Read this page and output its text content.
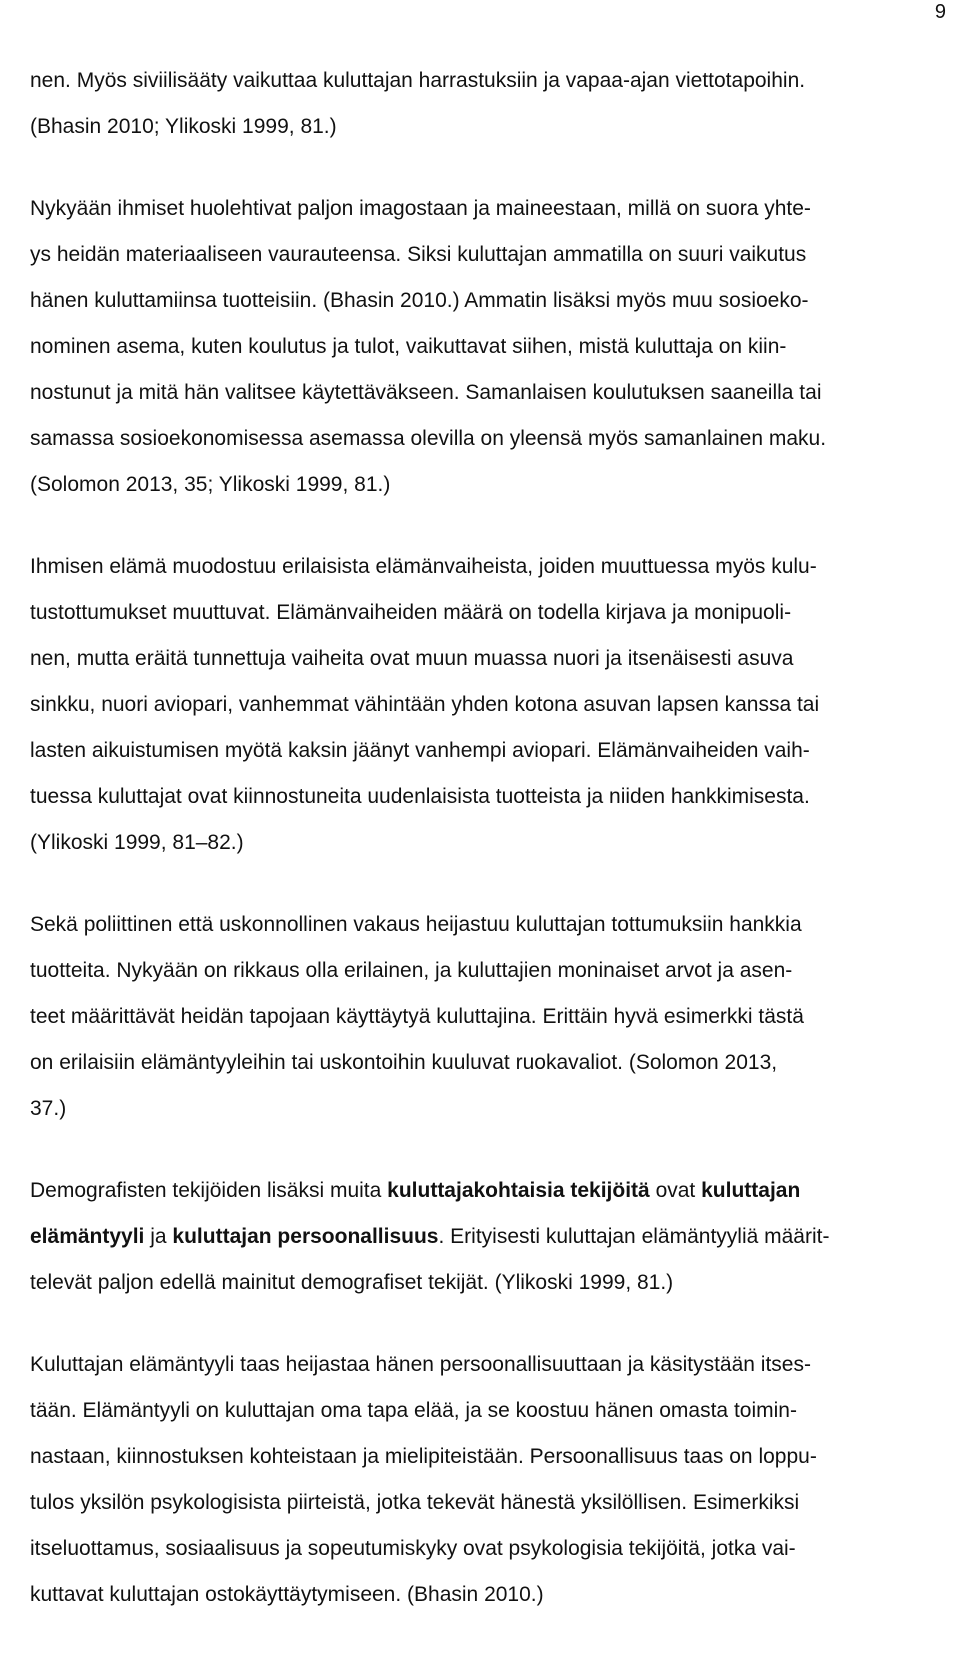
9

nen. Myös siviilisääty vaikuttaa kuluttajan harrastuksiin ja vapaa-ajan viettotapoihin.
(Bhasin 2010; Ylikoski 1999, 81.)

Nykyään ihmiset huolehtivat paljon imagostaan ja maineestaan, millä on suora yhte-
ys heidän materiaaliseen vaurauteensa. Siksi kuluttajan ammatilla on suuri vaikutus
hänen kuluttamiinsa tuotteisiin. (Bhasin 2010.) Ammatin lisäksi myös muu sosioeko-
nominen asema, kuten koulutus ja tulot, vaikuttavat siihen, mistä kuluttaja on kiin-
nostunut ja mitä hän valitsee käytettäväkseen. Samanlaisen koulutuksen saaneilla tai
samassa sosioekonomisessa asemassa olevilla on yleensä myös samanlainen maku.
(Solomon 2013, 35; Ylikoski 1999, 81.)

Ihmisen elämä muodostuu erilaisista elämänvaiheista, joiden muuttuessa myös kulu-
tustottumukset muuttuvat. Elämänvaiheiden määrä on todella kirjava ja monipuoli-
nen, mutta eräitä tunnettuja vaiheita ovat muun muassa nuori ja itsenäisesti asuva
sinkku, nuori aviopari, vanhemmat vähintään yhden kotona asuvan lapsen kanssa tai
lasten aikuistumisen myötä kaksin jäänyt vanhempi aviopari. Elämänvaiheiden vaih-
tuessa kuluttajat ovat kiinnostuneita uudenlaisista tuotteista ja niiden hankkimisesta.
(Ylikoski 1999, 81–82.)

Sekä poliittinen että uskonnollinen vakaus heijastuu kuluttajan tottumuksiin hankkia
tuotteita. Nykyään on rikkaus olla erilainen, ja kuluttajien moninaiset arvot ja asen-
teet määrittävät heidän tapojaan käyttäytyä kuluttajina. Erittäin hyvä esimerkki tästä
on erilaisiin elämäntyyleihin tai uskontoihin kuuluvat ruokavaliot. (Solomon 2013,
37.)

Demografisten tekijöiden lisäksi muita kuluttajakohtaisia tekijöitä ovat kuluttajan
elämäntyyli ja kuluttajan persoonallisuus. Erityisesti kuluttajan elämäntyyliä määrit-
televät paljon edellä mainitut demografiset tekijät. (Ylikoski 1999, 81.)

Kuluttajan elämäntyyli taas heijastaa hänen persoonallisuuttaan ja käsitystään itses-
tään. Elämäntyyli on kuluttajan oma tapa elää, ja se koostuu hänen omasta toimin-
nastaan, kiinnostuksen kohteistaan ja mielipiteistään. Persoonallisuus taas on loppu-
tulos yksilön psykologisista piirteistä, jotka tekevät hänestä yksilöllisen. Esimerkiksi
itseluottamus, sosiaalisuus ja sopeutumiskyky ovat psykologisia tekijöitä, jotka vai-
kuttavat kuluttajan ostokäyttäytymiseen. (Bhasin 2010.)
